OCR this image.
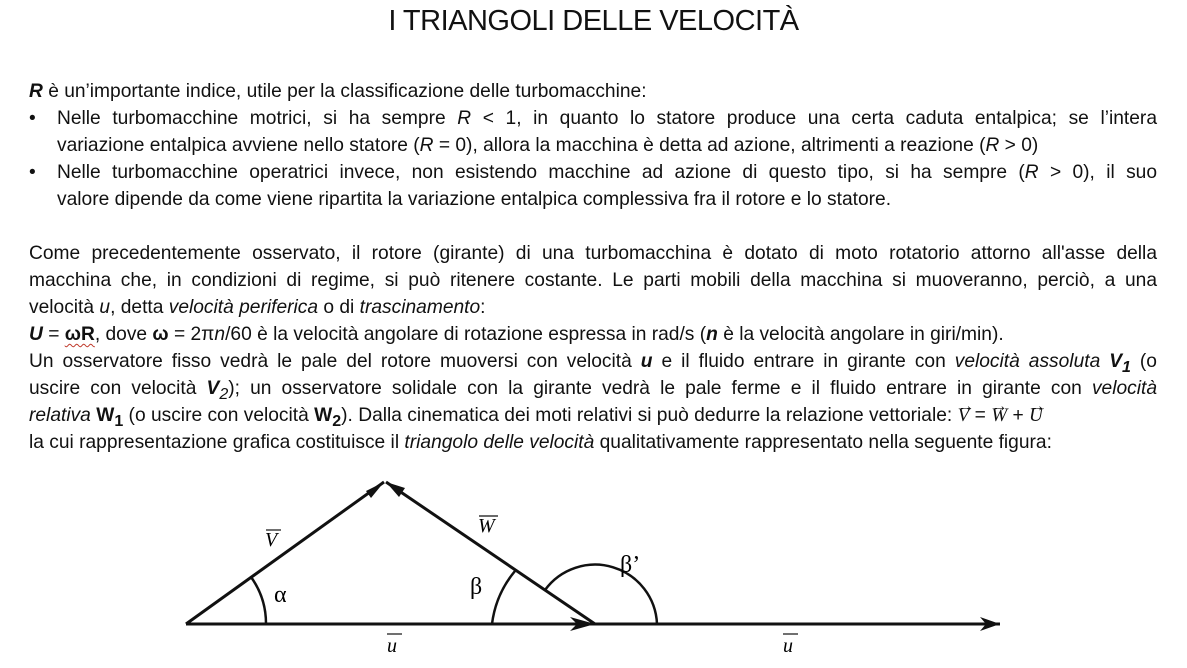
I TRIANGOLI DELLE VELOCITÀ
R è un’importante indice, utile per la classificazione delle turbomacchine:
• Nelle turbomacchine motrici, si ha sempre R < 1, in quanto lo statore produce una certa caduta entalpica; se l’intera
variazione entalpica avviene nello statore (R = 0), allora la macchina è detta ad azione, altrimenti a reazione (R > 0)
• Nelle turbomacchine operatrici invece, non esistendo macchine ad azione di questo tipo, si ha sempre (R > 0), il suo
valore dipende da come viene ripartita la variazione entalpica complessiva fra il rotore e lo statore.
Come precedentemente osservato, il rotore (girante) di una turbomacchina è dotato di moto rotatorio attorno all'asse della
macchina che, in condizioni di regime, si può ritenere costante. Le parti mobili della macchina si muoveranno, perciò, a una
velocità u, detta velocità periferica o di trascinamento:
U = ωR, dove ω = 2πn/60 è la velocità angolare di rotazione espressa in rad/s (n è la velocità angolare in giri/min).
Un osservatore fisso vedrà le pale del rotore muoversi con velocità u e il fluido entrare in girante con velocità assoluta $V_1$ (o
uscire con velocità $V_2$); un osservatore solidale con la girante vedrà le pale ferme e il fluido entrare in girante con velocità
relativa $W_1$ (o uscire con velocità $W_2$). Dalla cinematica dei moti relativi si può dedurre la relazione vettoriale: → V = → W + → U
la cui rappresentazione grafica costituisce il triangolo delle velocità qualitativamente rappresentato nella seguente figura:
α	β
β’
V
W
u	u
